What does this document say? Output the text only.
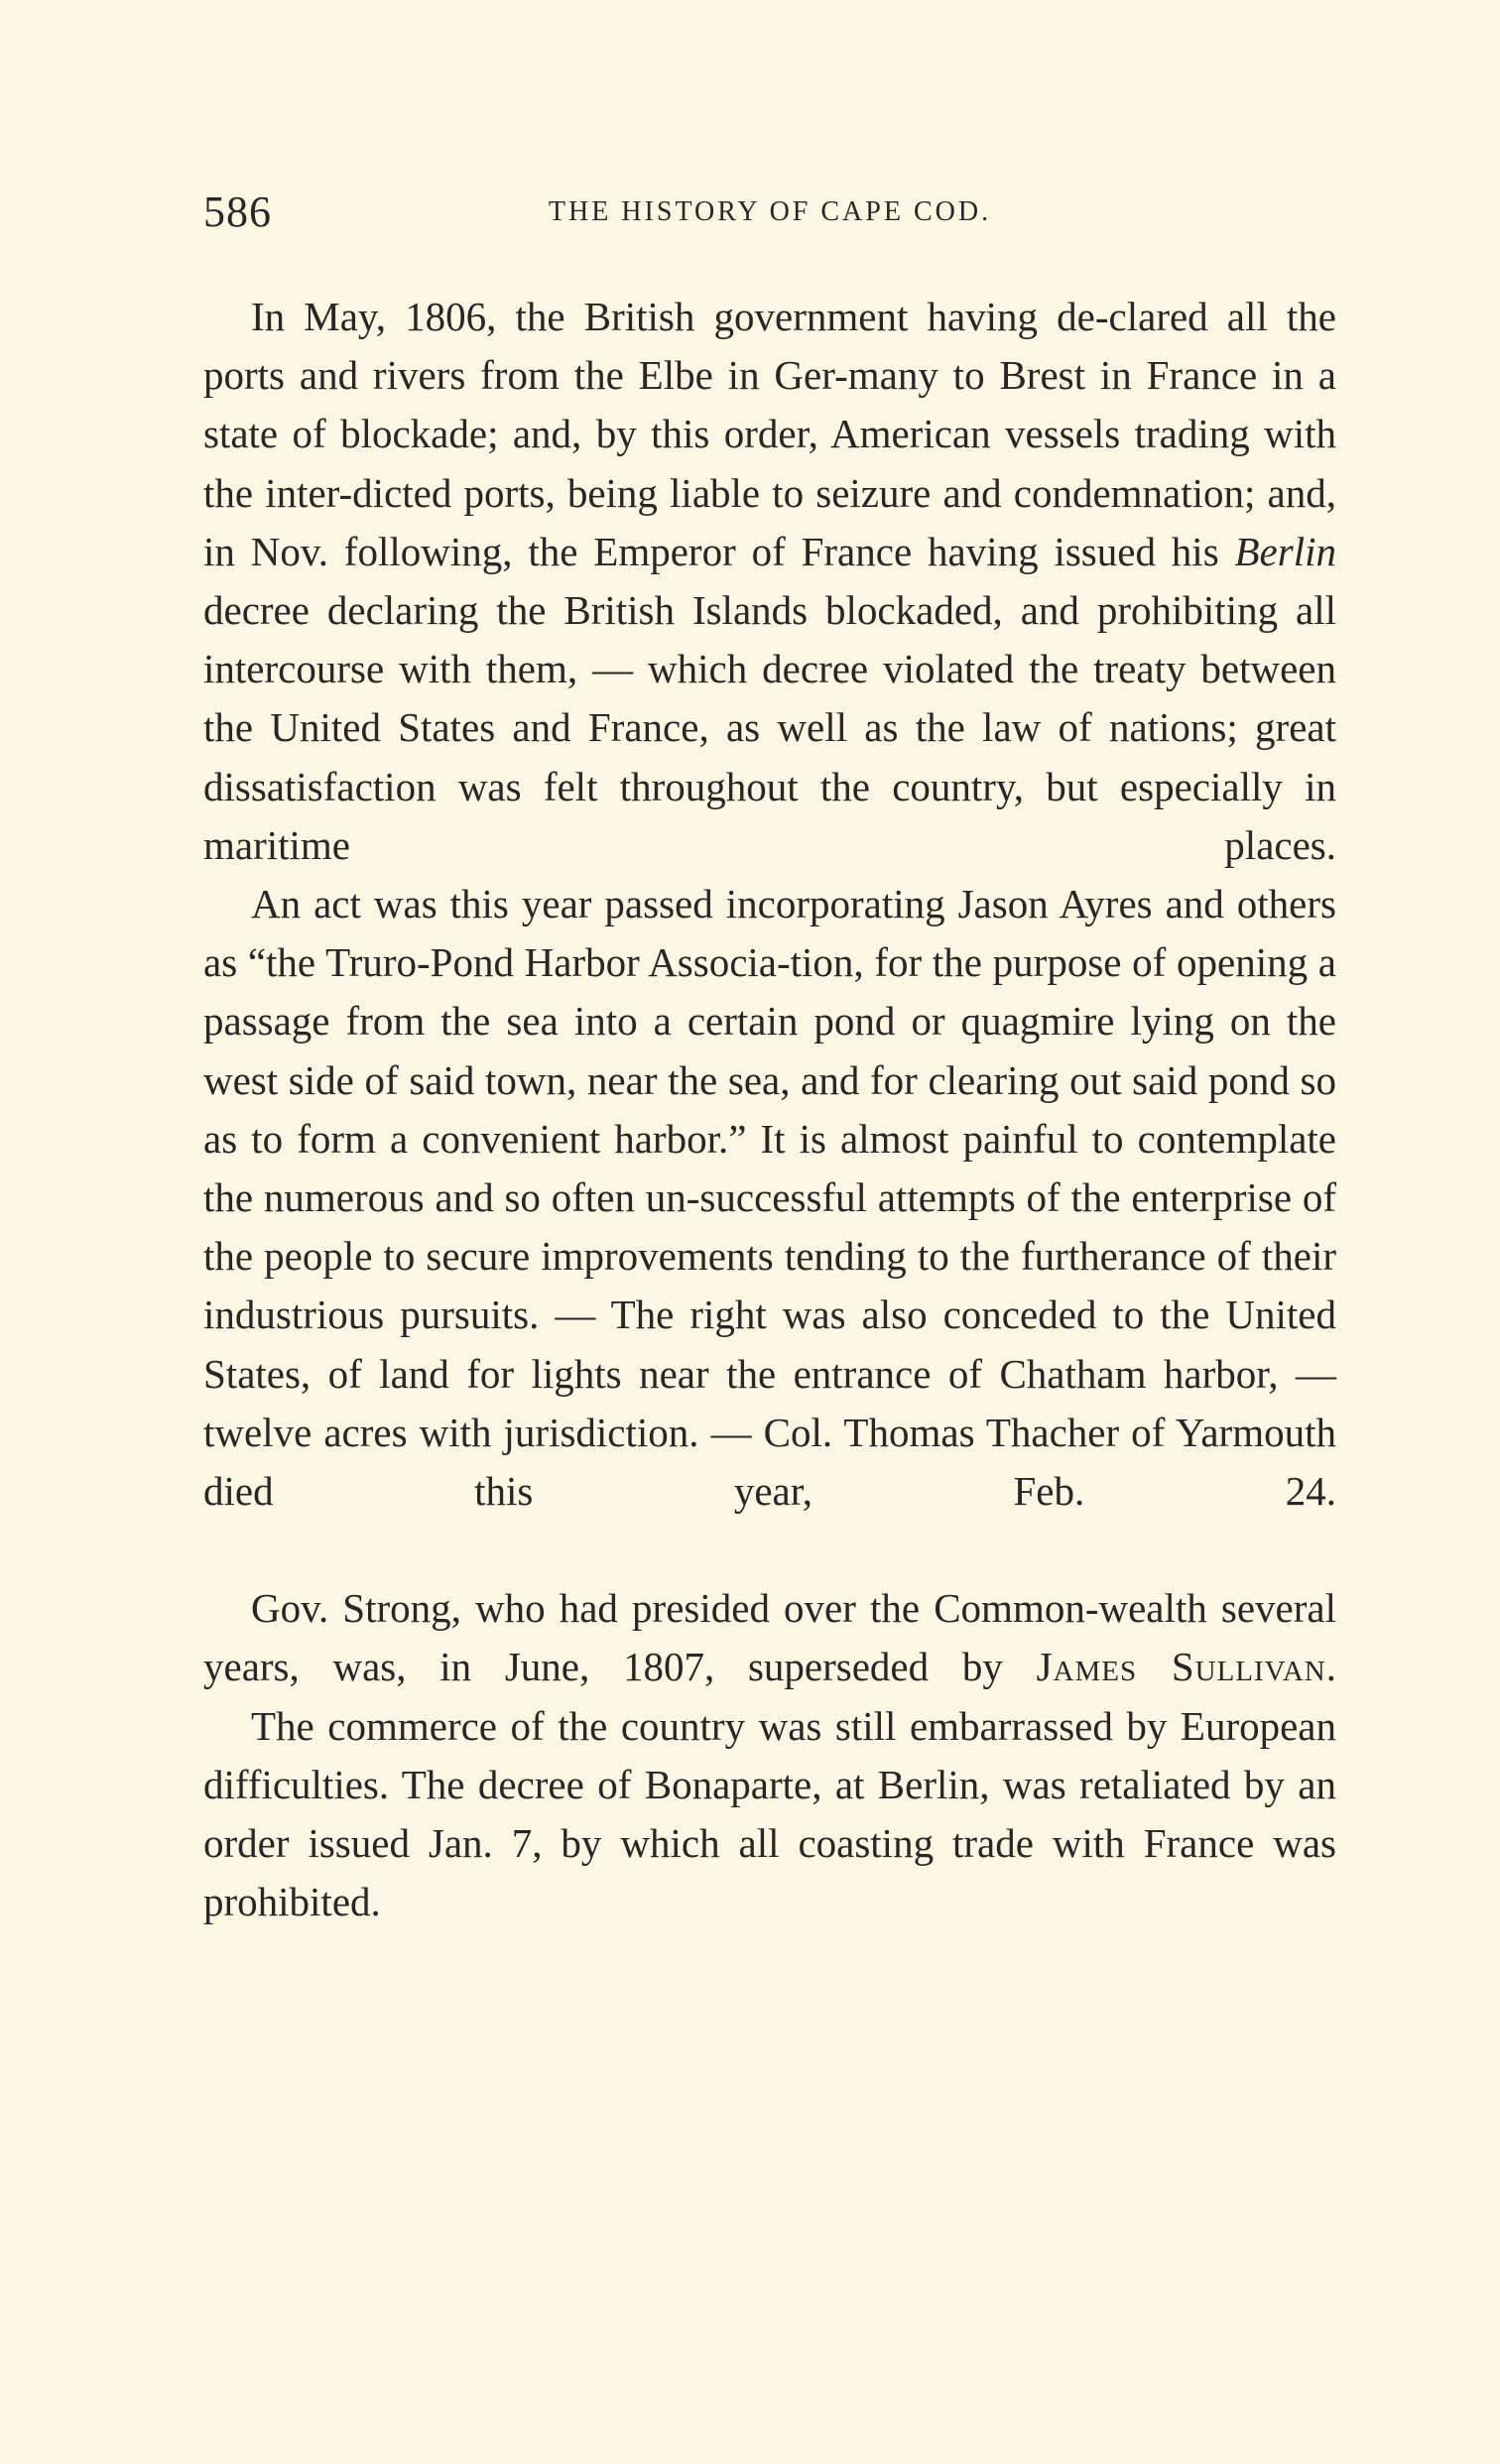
586	THE HISTORY OF CAPE COD.

In May, 1806, the British government having de-clared all the ports and rivers from the Elbe in Ger-many to Brest in France in a state of blockade; and, by this order, American vessels trading with the inter-dicted ports, being liable to seizure and condemnation; and, in Nov. following, the Emperor of France having issued his Berlin decree declaring the British Islands blockaded, and prohibiting all intercourse with them, — which decree violated the treaty between the United States and France, as well as the law of nations; great dissatisfaction was felt throughout the country, but especially in maritime places.

An act was this year passed incorporating Jason Ayres and others as “the Truro-Pond Harbor Associa-tion, for the purpose of opening a passage from the sea into a certain pond or quagmire lying on the west side of said town, near the sea, and for clearing out said pond so as to form a convenient harbor.” It is almost painful to contemplate the numerous and so often un-successful attempts of the enterprise of the people to secure improvements tending to the furtherance of their industrious pursuits. — The right was also conceded to the United States, of land for lights near the entrance of Chatham harbor, — twelve acres with jurisdiction. — Col. Thomas Thacher of Yarmouth died this year, Feb. 24.

Gov. Strong, who had presided over the Common-wealth several years, was, in June, 1807, superseded by James Sullivan.

The commerce of the country was still embarrassed by European difficulties. The decree of Bonaparte, at Berlin, was retaliated by an order issued Jan. 7, by which all coasting trade with France was prohibited.
